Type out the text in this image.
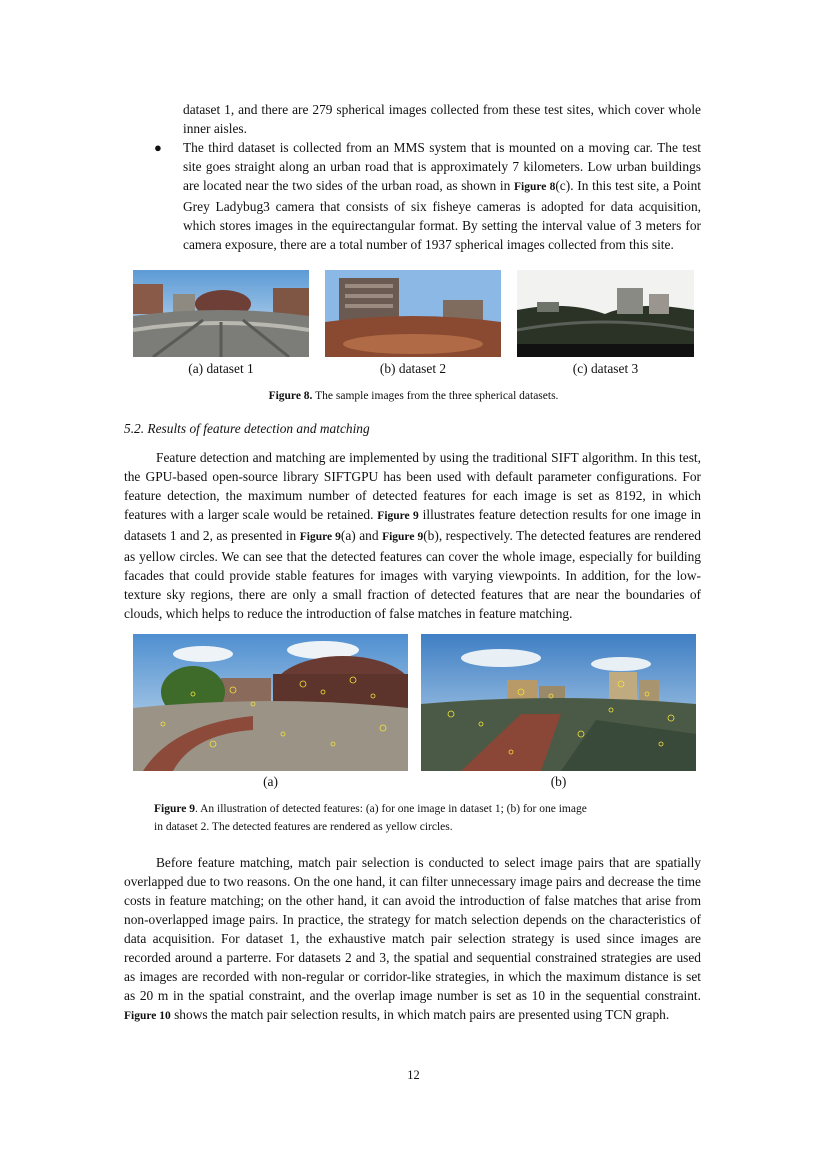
dataset 1, and there are 279 spherical images collected from these test sites, which cover whole inner aisles.

● The third dataset is collected from an MMS system that is mounted on a moving car. The test site goes straight along an urban road that is approximately 7 kilometers. Low urban buildings are located near the two sides of the urban road, as shown in Figure 8(c). In this test site, a Point Grey Ladybug3 camera that consists of six fisheye cameras is adopted for data acquisition, which stores images in the equirectangular format. By setting the interval value of 3 meters for camera exposure, there are a total number of 1937 spherical images collected from this site.

(a) dataset 1	(b) dataset 2	(c) dataset 3

Figure 8. The sample images from the three spherical datasets.

5.2. Results of feature detection and matching

Feature detection and matching are implemented by using the traditional SIFT algorithm. In this test, the GPU-based open-source library SIFTGPU has been used with default parameter configurations. For feature detection, the maximum number of detected features for each image is set as 8192, in which features with a larger scale would be retained. Figure 9 illustrates feature detection results for one image in datasets 1 and 2, as presented in Figure 9(a) and Figure 9(b), respectively. The detected features are rendered as yellow circles. We can see that the detected features can cover the whole image, especially for building facades that could provide stable features for images with varying viewpoints. In addition, for the low-texture sky regions, there are only a small fraction of detected features that are near the boundaries of clouds, which helps to reduce the introduction of false matches in feature matching.

(a)	(b)

Figure 9. An illustration of detected features: (a) for one image in dataset 1; (b) for one image
in dataset 2. The detected features are rendered as yellow circles.

Before feature matching, match pair selection is conducted to select image pairs that are spatially overlapped due to two reasons. On the one hand, it can filter unnecessary image pairs and decrease the time costs in feature matching; on the other hand, it can avoid the introduction of false matches that arise from non-overlapped image pairs. In practice, the strategy for match selection depends on the characteristics of data acquisition. For dataset 1, the exhaustive match pair selection strategy is used since images are recorded around a parterre. For datasets 2 and 3, the spatial and sequential constrained strategies are used as images are recorded with non-regular or corridor-like strategies, in which the maximum distance is set as 20 m in the spatial constraint, and the overlap image number is set as 10 in the sequential constraint. Figure 10 shows the match pair selection results, in which match pairs are presented using TCN graph.

12
